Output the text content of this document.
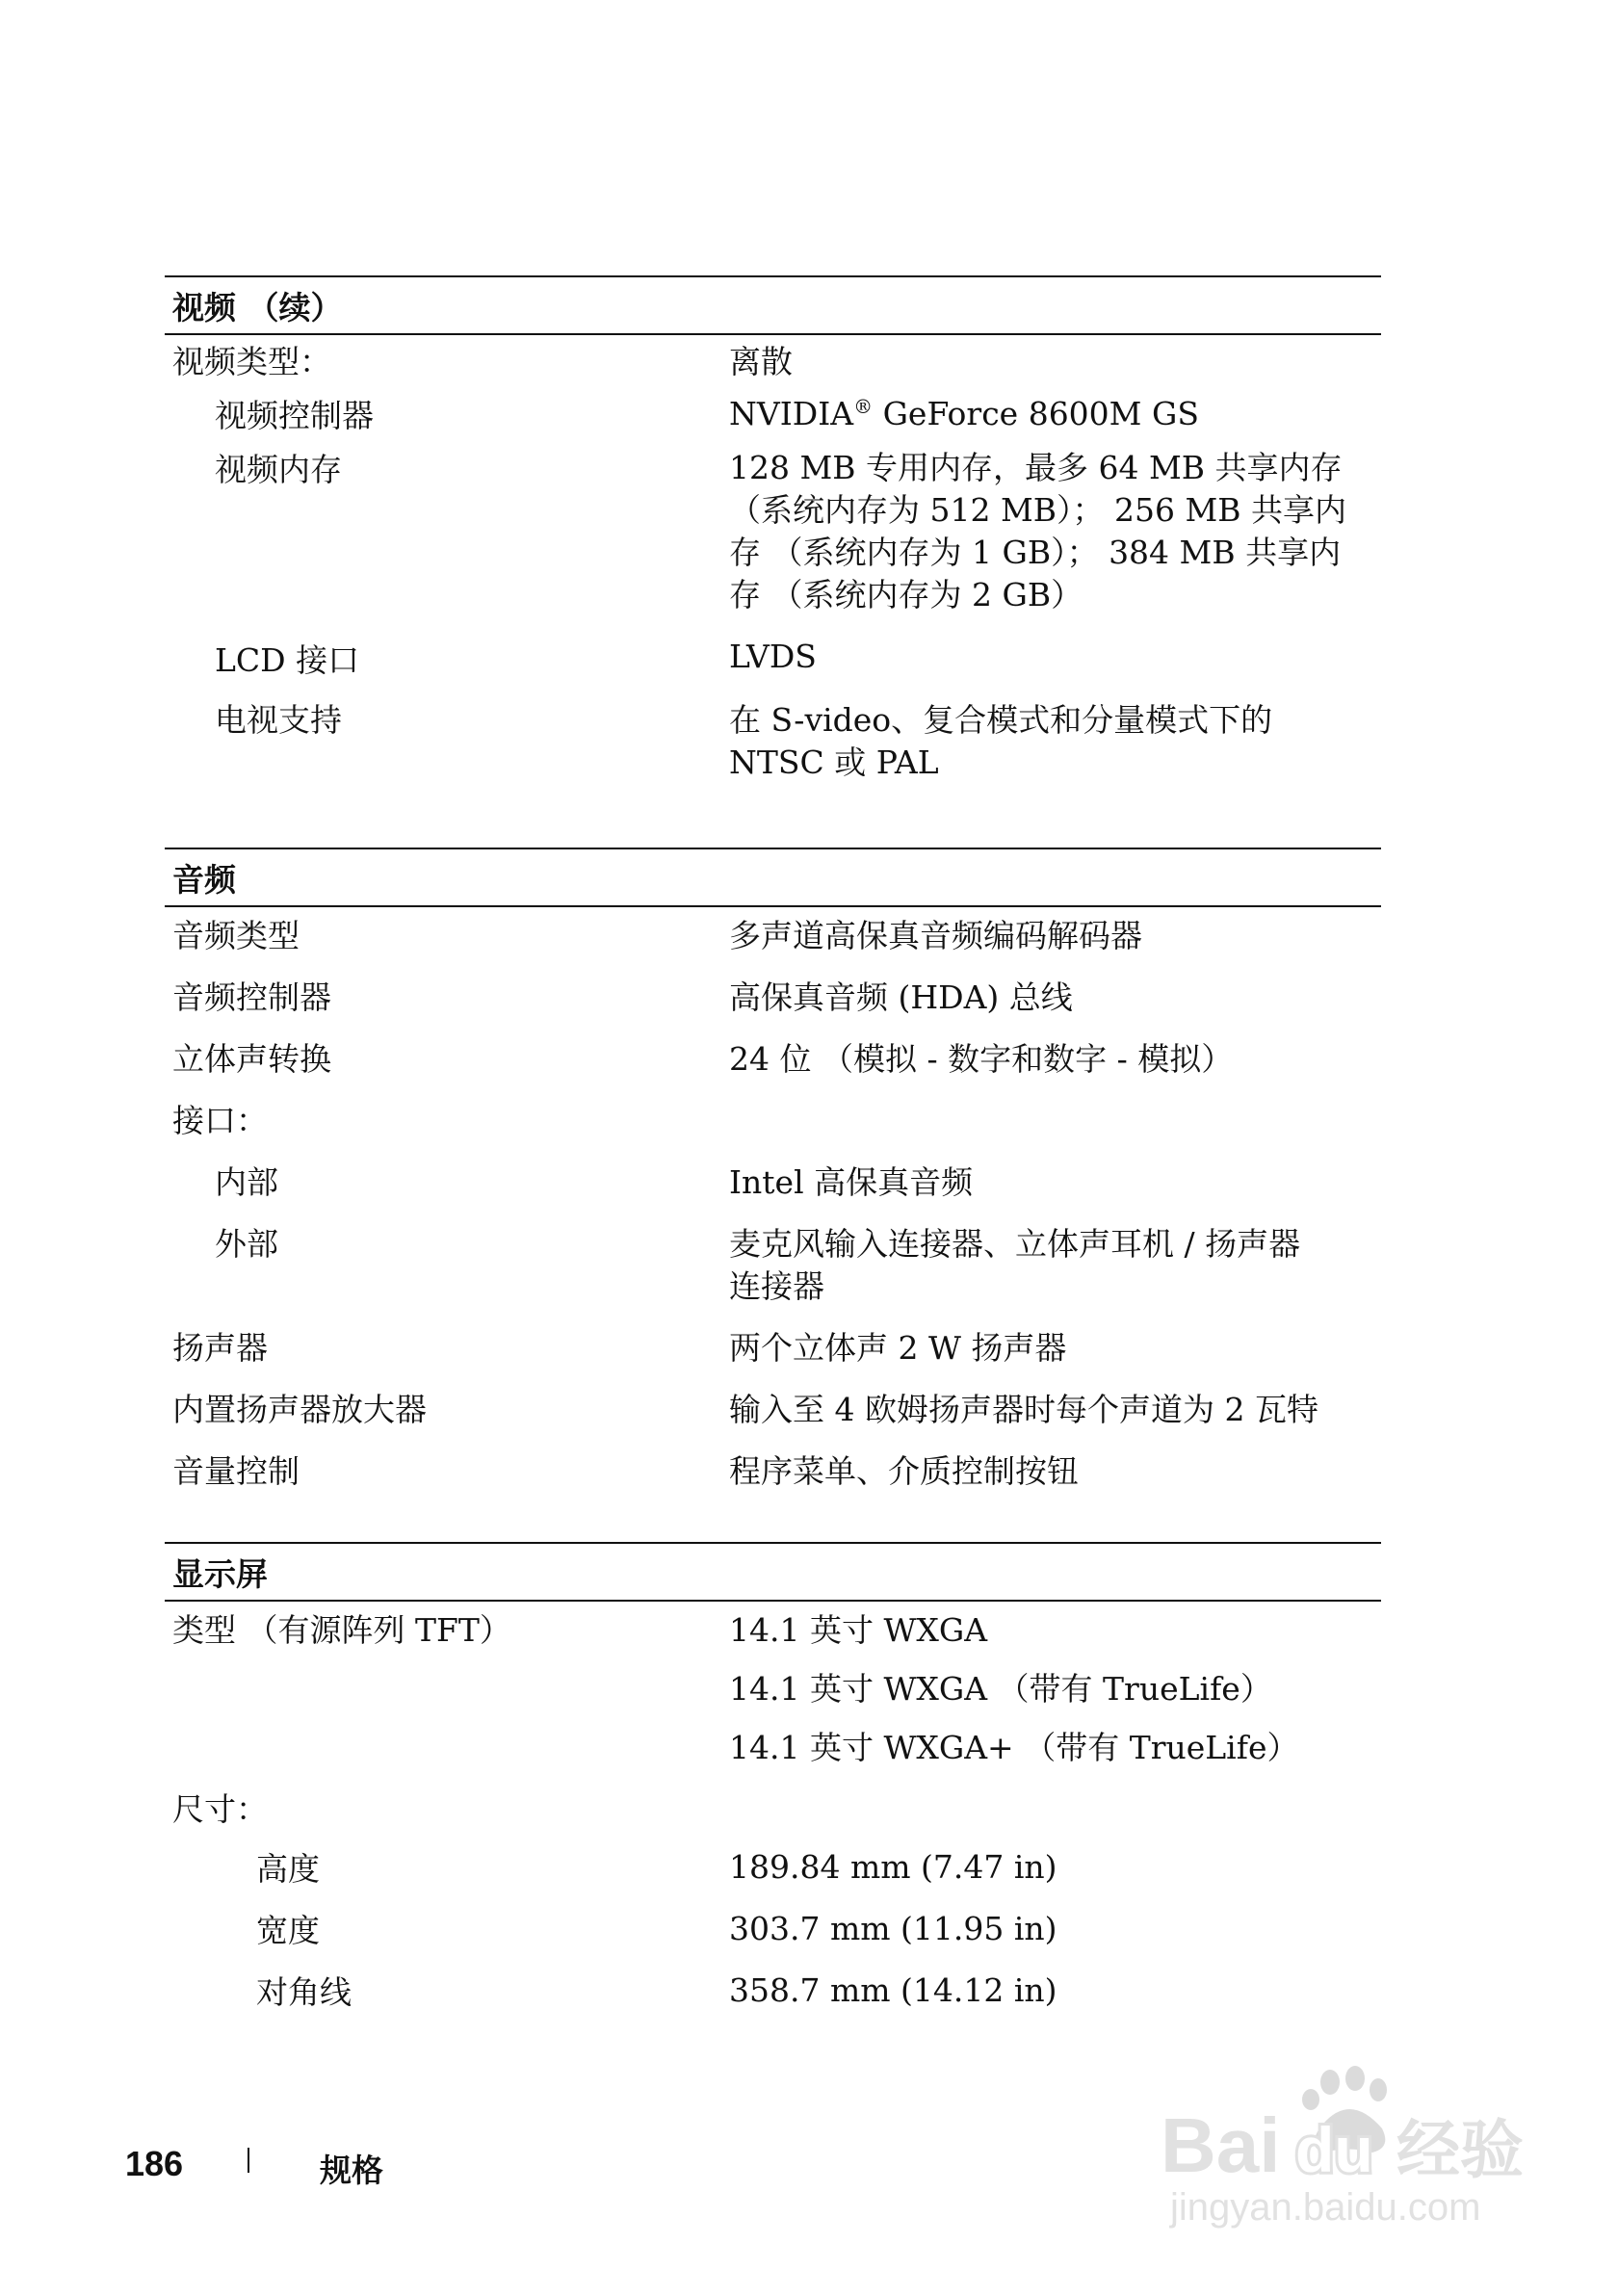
视频 （续）
视频类型：	离散
视频控制器	NVIDIA® GeForce 8600M GS
视频内存	128 MB 专用内存，最多 64 MB 共享内存
（系统内存为 512 MB）； 256 MB 共享内
存 （系统内存为 1 GB）； 384 MB 共享内
存 （系统内存为 2 GB）
LCD 接口	LVDS
电视支持	在 S-video、复合模式和分量模式下的
NTSC 或 PAL
音频
音频类型	多声道高保真音频编码解码器
音频控制器	高保真音频 (HDA) 总线
立体声转换	24 位 （模拟 - 数字和数字 - 模拟）
接口：
内部	Intel 高保真音频
外部	麦克风输入连接器、立体声耳机 / 扬声器
连接器
扬声器	两个立体声 2 W 扬声器
内置扬声器放大器	输入至 4 欧姆扬声器时每个声道为 2 瓦特
音量控制	程序菜单、介质控制按钮
显示屏
类型 （有源阵列 TFT）	14.1 英寸 WXGA
14.1 英寸 WXGA （带有 TrueLife）
14.1 英寸 WXGA+ （带有 TrueLife）
尺寸：
高度	189.84 mm (7.47 in)
宽度	303.7 mm (11.95 in)
对角线	358.7 mm (14.12 in)
186	规格	Bai du 经验
jingyan.baidu.com
